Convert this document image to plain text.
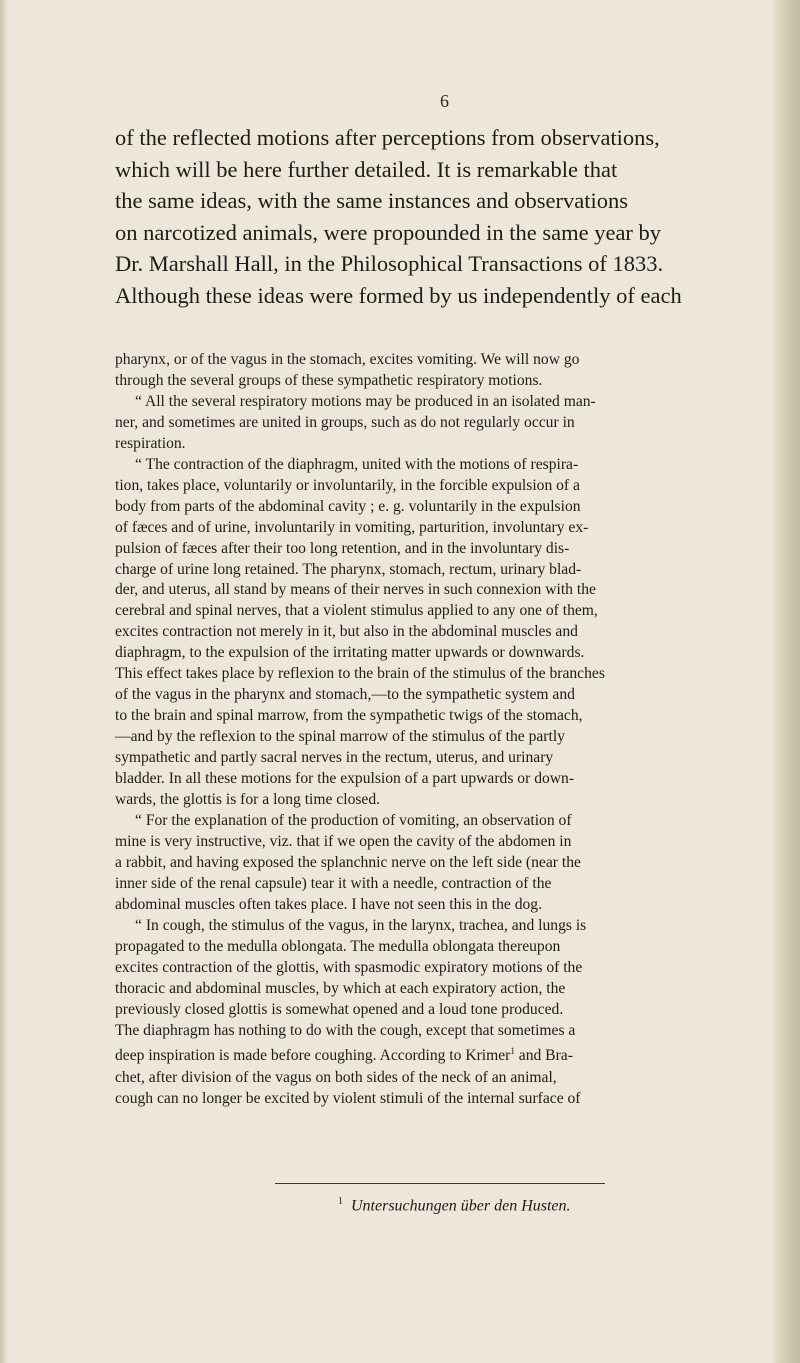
6
of the reflected motions after perceptions from observations,
which will be here further detailed. It is remarkable that
the same ideas, with the same instances and observations
on narcotized animals, were propounded in the same year by
Dr. Marshall Hall, in the Philosophical Transactions of 1833.
Although these ideas were formed by us independently of each
pharynx, or of the vagus in the stomach, excites vomiting. We will now go
through the several groups of these sympathetic respiratory motions.
“ All the several respiratory motions may be produced in an isolated man-
ner, and sometimes are united in groups, such as do not regularly occur in
respiration.
“ The contraction of the diaphragm, united with the motions of respira-
tion, takes place, voluntarily or involuntarily, in the forcible expulsion of a
body from parts of the abdominal cavity ; e. g. voluntarily in the expulsion
of fæces and of urine, involuntarily in vomiting, parturition, involuntary ex-
pulsion of fæces after their too long retention, and in the involuntary dis-
charge of urine long retained. The pharynx, stomach, rectum, urinary blad-
der, and uterus, all stand by means of their nerves in such connexion with the
cerebral and spinal nerves, that a violent stimulus applied to any one of them,
excites contraction not merely in it, but also in the abdominal muscles and
diaphragm, to the expulsion of the irritating matter upwards or downwards.
This effect takes place by reflexion to the brain of the stimulus of the branches
of the vagus in the pharynx and stomach,—to the sympathetic system and
to the brain and spinal marrow, from the sympathetic twigs of the stomach,
—and by the reflexion to the spinal marrow of the stimulus of the partly
sympathetic and partly sacral nerves in the rectum, uterus, and urinary
bladder. In all these motions for the expulsion of a part upwards or down-
wards, the glottis is for a long time closed.
“ For the explanation of the production of vomiting, an observation of
mine is very instructive, viz. that if we open the cavity of the abdomen in
a rabbit, and having exposed the splanchnic nerve on the left side (near the
inner side of the renal capsule) tear it with a needle, contraction of the
abdominal muscles often takes place. I have not seen this in the dog.
“ In cough, the stimulus of the vagus, in the larynx, trachea, and lungs is
propagated to the medulla oblongata. The medulla oblongata thereupon
excites contraction of the glottis, with spasmodic expiratory motions of the
thoracic and abdominal muscles, by which at each expiratory action, the
previously closed glottis is somewhat opened and a loud tone produced.
The diaphragm has nothing to do with the cough, except that sometimes a
deep inspiration is made before coughing. According to Krimer$^1$ and Bra-
chet, after division of the vagus on both sides of the neck of an animal,
cough can no longer be excited by violent stimuli of the internal surface of
$^1$ Untersuchungen über den Husten.
